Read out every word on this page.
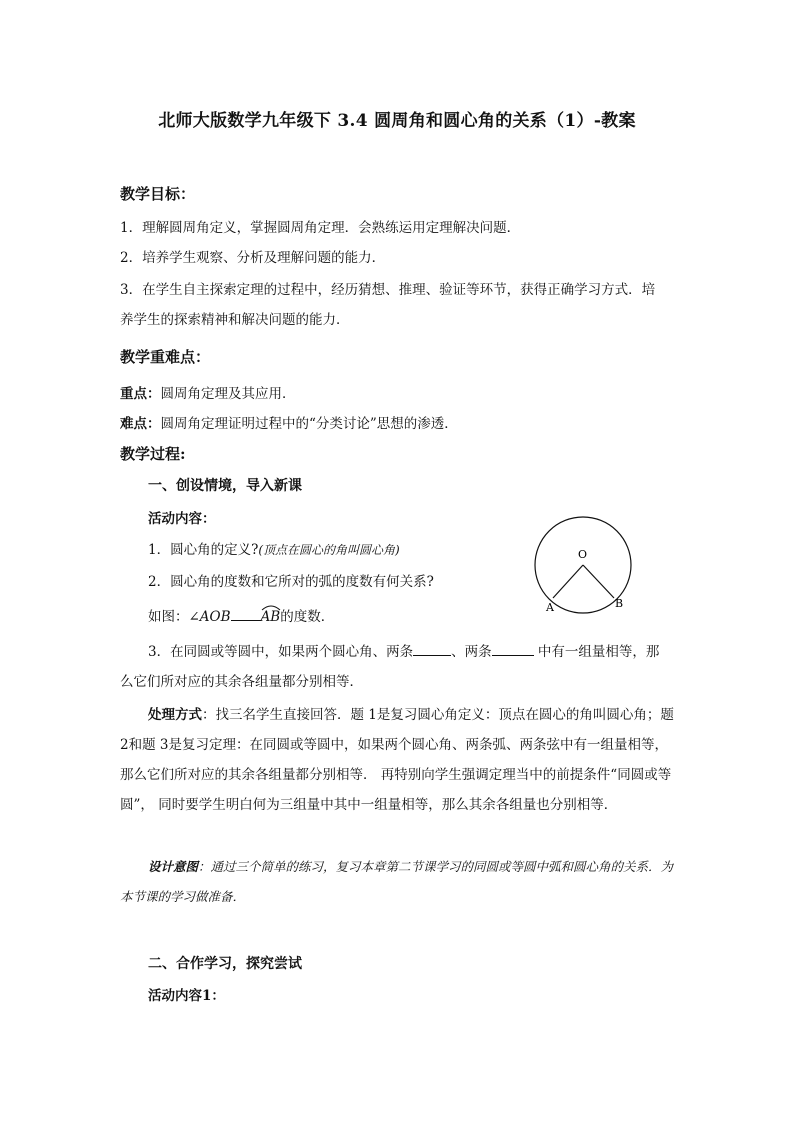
北师大版数学九年级下 3.4 圆周角和圆心角的关系（1）-教案
教学目标：
1．理解圆周角定义，掌握圆周角定理．会熟练运用定理解决问题．
2．培养学生观察、分析及理解问题的能力．
3．在学生自主探索定理的过程中，经历猜想、推理、验证等环节，获得正确学习方式．培
养学生的探索精神和解决问题的能力．
教学重难点：
重点：圆周角定理及其应用．
难点：圆周角定理证明过程中的“分类讨论”思想的渗透．
教学过程:
一、创设情境，导入新课
活动内容：
1．圆心角的定义?(顶点在圆心的角叫圆心角)
2．圆心角的度数和它所对的弧的度数有何关系?
如图：∠AOB AB
的度数．
3．在同圆或等圆中，如果两个圆心角、两条	、两条	中有一组量相等，那
么它们所对应的其余各组量都分别相等．
处理方式：找三名学生直接回答．题 1是复习圆心角定义：顶点在圆心的角叫圆心角；题 2和题 3是复习定理：在同圆或等圆中，如果两个圆心角、两条弧、两条弦中有一组量相等，那么它们所对应的其余各组量都分别相等． 再特别向学生强调定理当中的前提条件“同圆或等圆”， 同时要学生明白何为三组量中其中一组量相等，那么其余各组量也分别相等．
设计意图：通过三个简单的练习，复习本章第二节课学习的同圆或等圆中弧和圆心角的关系．为本节课的学习做准备．
二、合作学习，探究尝试
活动内容1：
O
A	B
